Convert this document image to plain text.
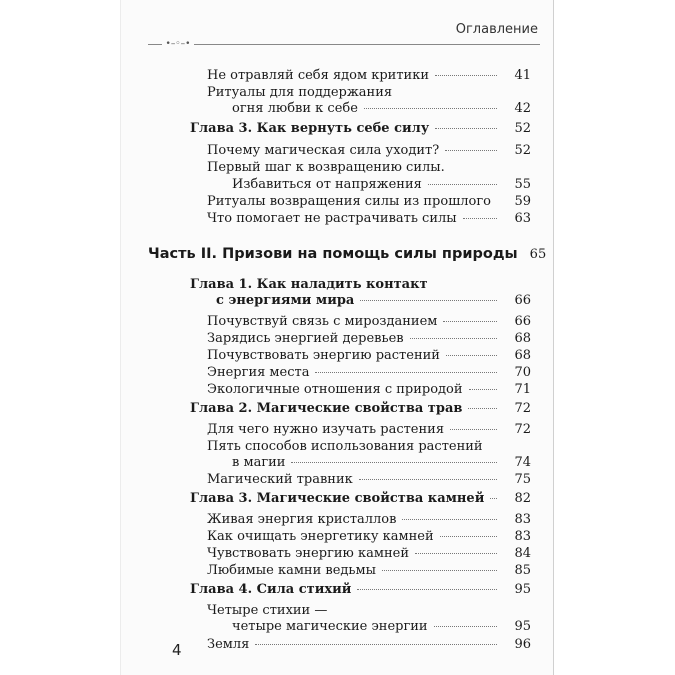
Оглавление
•–◦–•
Не отравляй себя ядом критики	41
Ритуалы для поддержания
огня любви к себе	42
Глава 3. Как вернуть себе силу	52
Почему магическая сила уходит?	52
Первый шаг к возвращению силы.
Избавиться от напряжения	55
Ритуалы возвращения силы из прошлого	59
Что помогает не растрачивать силы	63
Часть II. Призови на помощь силы природы 65
Глава 1. Как наладить контакт
с энергиями мира	66
Почувствуй связь с мирозданием	66
Зарядись энергией деревьев	68
Почувствовать энергию растений	68
Энергия места	70
Экологичные отношения с природой	71
Глава 2. Магические свойства трав	72
Для чего нужно изучать растения	72
Пять способов использования растений
в магии	74
Магический травник	75
Глава 3. Магические свойства камней	82
Живая энергия кристаллов	83
Как очищать энергетику камней	83
Чувствовать энергию камней	84
Любимые камни ведьмы	85
Глава 4. Сила стихий	95
Четыре стихии —
четыре магические энергии	95
Земля	96
4
